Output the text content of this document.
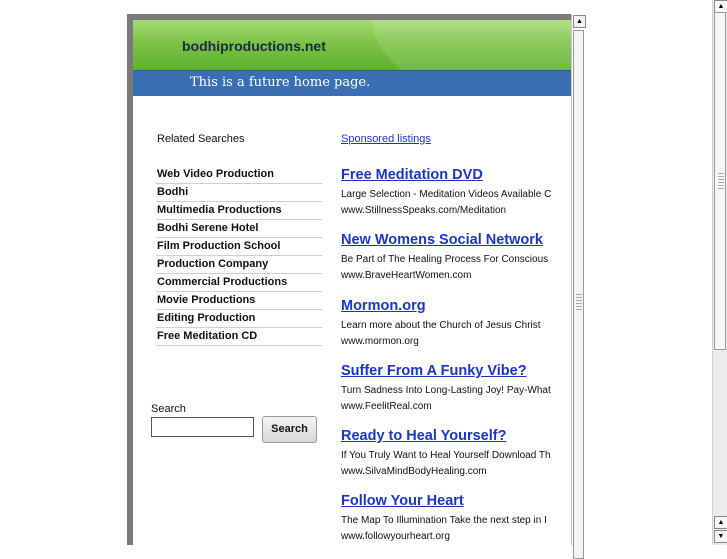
bodhiproductions.net
This is a future home page.
Related Searches
Web Video Production
Bodhi
Multimedia Productions
Bodhi Serene Hotel
Film Production School
Production Company
Commercial Productions
Movie Productions
Editing Production
Free Meditation CD
Search
Search
Sponsored listings
Free Meditation DVD
Large Selection - Meditation Videos Available C
www.StillnessSpeaks.com/Meditation
New Womens Social Network
Be Part of The Healing Process For Conscious
www.BraveHeartWomen.com
Mormon.org
Learn more about the Church of Jesus Christ
www.mormon.org
Suffer From A Funky Vibe?
Turn Sadness Into Long-Lasting Joy! Pay-What
www.FeelitReal.com
Ready to Heal Yourself?
If You Truly Want to Heal Yourself Download Th
www.SilvaMindBodyHealing.com
Follow Your Heart
The Map To Illumination Take the next step in I
www.followyourheart.org
▲
▲
▲
▼
